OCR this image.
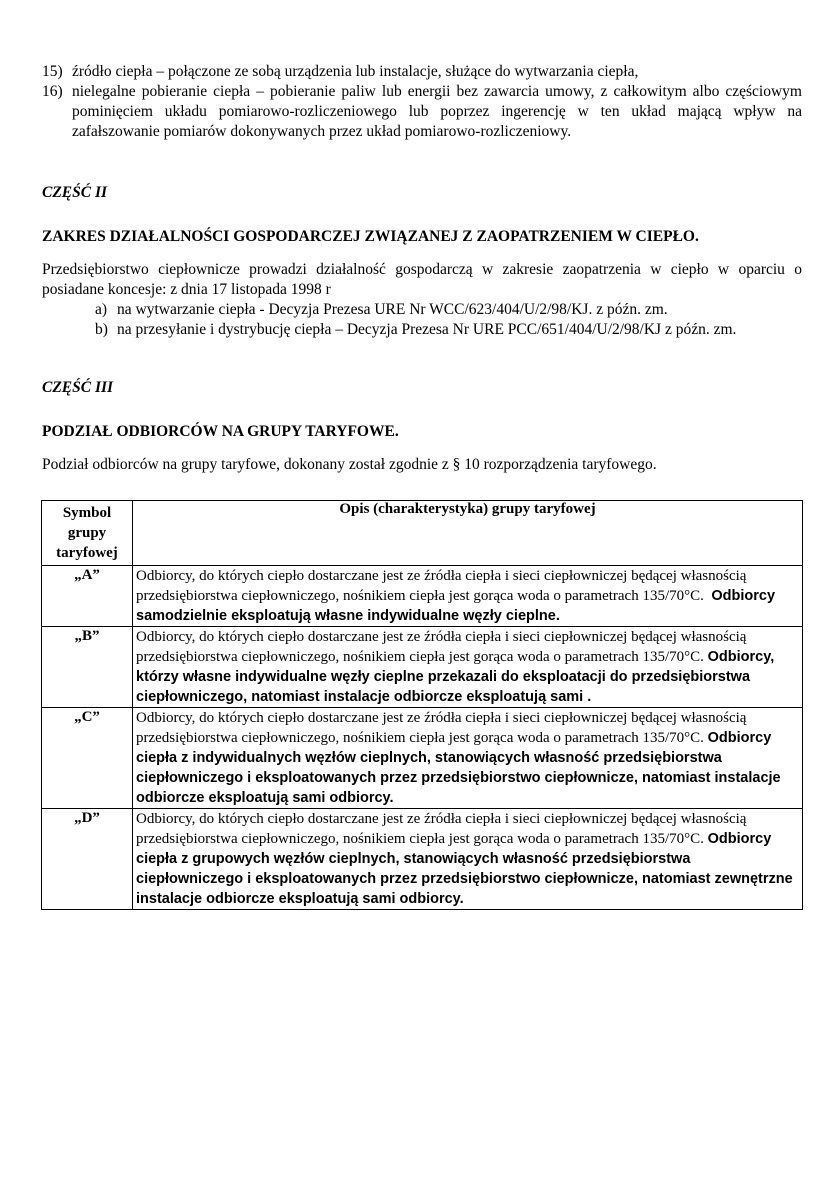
15) źródło ciepła – połączone ze sobą urządzenia lub instalacje, służące do wytwarzania ciepła,
16) nielegalne pobieranie ciepła – pobieranie paliw lub energii bez zawarcia umowy, z całkowitym albo częściowym pominięciem układu pomiarowo-rozliczeniowego lub poprzez ingerencję w ten układ mającą wpływ na zafałszowanie pomiarów dokonywanych przez układ pomiarowo-rozliczeniowy.
CZĘŚĆ II
ZAKRES DZIAŁALNOŚCI GOSPODARCZEJ ZWIĄZANEJ Z ZAOPATRZENIEM W CIEPŁO.
Przedsiębiorstwo ciepłownicze prowadzi działalność gospodarczą w zakresie zaopatrzenia w ciepło w oparciu o posiadane koncesje: z dnia 17 listopada 1998 r
a) na wytwarzanie ciepła - Decyzja Prezesa URE Nr WCC/623/404/U/2/98/KJ. z późn. zm.
b) na przesyłanie i dystrybucję ciepła – Decyzja Prezesa Nr URE PCC/651/404/U/2/98/KJ z późn. zm.
CZĘŚĆ III
PODZIAŁ ODBIORCÓW NA GRUPY TARYFOWE.
Podział odbiorców na grupy taryfowe, dokonany został zgodnie z § 10 rozporządzenia taryfowego.
Symbol grupy taryfowej	Opis (charakterystyka) grupy taryfowej
„A”	Odbiorcy, do których ciepło dostarczane jest ze źródła ciepła i sieci ciepłowniczej będącej własnością przedsiębiorstwa ciepłowniczego, nośnikiem ciepła jest gorąca woda o parametrach 135/70°C. Odbiorcy samodzielnie eksploatują własne indywidualne węzły cieplne.
„B”	Odbiorcy, do których ciepło dostarczane jest ze źródła ciepła i sieci ciepłowniczej będącej własnością przedsiębiorstwa ciepłowniczego, nośnikiem ciepła jest gorąca woda o parametrach 135/70°C. Odbiorcy, którzy własne indywidualne węzły cieplne przekazali do eksploatacji do przedsiębiorstwa ciepłowniczego, natomiast instalacje odbiorcze eksploatują sami .
„C”	Odbiorcy, do których ciepło dostarczane jest ze źródła ciepła i sieci ciepłowniczej będącej własnością przedsiębiorstwa ciepłowniczego, nośnikiem ciepła jest gorąca woda o parametrach 135/70°C. Odbiorcy ciepła z indywidualnych węzłów cieplnych, stanowiących własność przedsiębiorstwa ciepłowniczego i eksploatowanych przez przedsiębiorstwo ciepłownicze, natomiast instalacje odbiorcze eksploatują sami odbiorcy.
„D”	Odbiorcy, do których ciepło dostarczane jest ze źródła ciepła i sieci ciepłowniczej będącej własnością przedsiębiorstwa ciepłowniczego, nośnikiem ciepła jest gorąca woda o parametrach 135/70°C. Odbiorcy ciepła z grupowych węzłów cieplnych, stanowiących własność przedsiębiorstwa ciepłowniczego i eksploatowanych przez przedsiębiorstwo ciepłownicze, natomiast zewnętrzne instalacje odbiorcze eksploatują sami odbiorcy.
